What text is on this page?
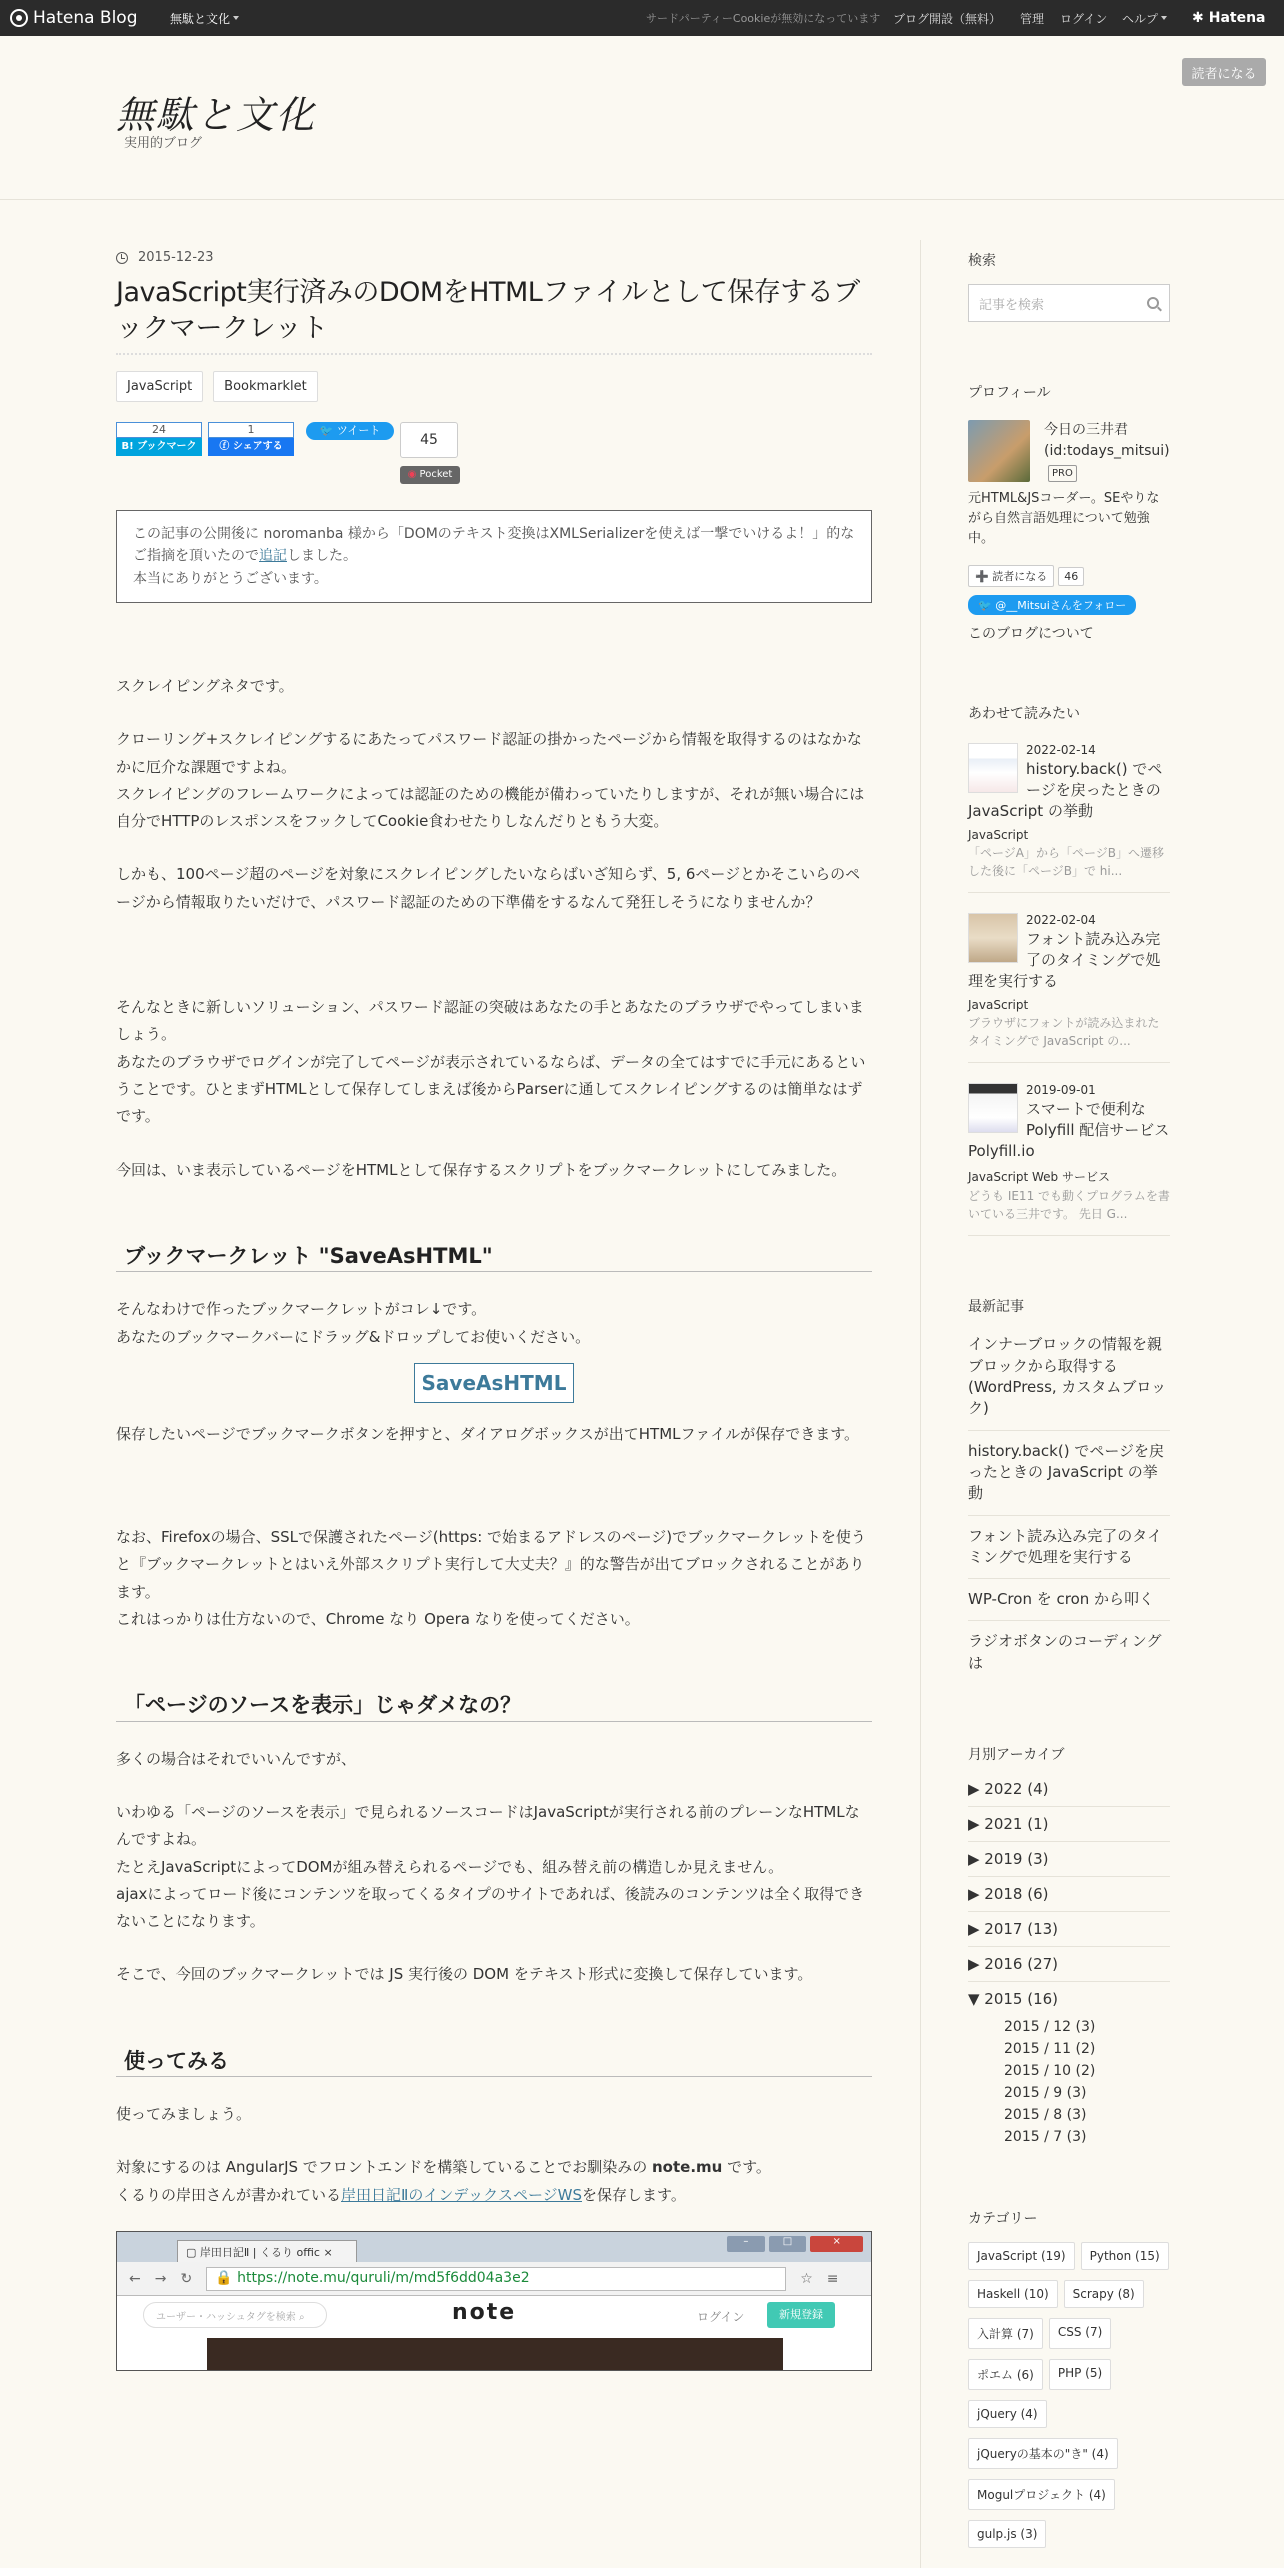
Hatena Blog	無駄と文化	サードパーティーCookieが無効になっています ブログ開設（無料） 管理 ログイン ヘルプ ✱ Hatena
読者になる
無駄と文化
実用的ブログ
2015-12-23
JavaScript実行済みのDOMをHTMLファイルとして保存するブックマークレット
JavaScript	Bookmarklet
24
B! ブックマーク
1
ⓕ シェアする
🐦 ツイート
45
◉ Pocket
この記事の公開後に noromanba 様から「DOMのテキスト変換はXMLSerializerを使えば一撃でいけるよ！」的なご指摘を頂いたので追記しました。
本当にありがとうございます。

スクレイピングネタです。

クローリング+スクレイピングするにあたってパスワード認証の掛かったページから情報を取得するのはなかなかに厄介な課題ですよね。

スクレイピングのフレームワークによっては認証のための機能が備わっていたりしますが、それが無い場合には自分でHTTPのレスポンスをフックしてCookie食わせたりしなんだりともう大変。

しかも、100ページ超のページを対象にスクレイピングしたいならばいざ知らず、5, 6ページとかそこいらのページから情報取りたいだけで、パスワード認証のための下準備をするなんて発狂しそうになりませんか？

そんなときに新しいソリューション、パスワード認証の突破はあなたの手とあなたのブラウザでやってしまいましょう。

あなたのブラウザでログインが完了してページが表示されているならば、データの全てはすでに手元にあるということです。ひとまずHTMLとして保存してしまえば後からParserに通してスクレイピングするのは簡単なはずです。

今回は、いま表示しているページをHTMLとして保存するスクリプトをブックマークレットにしてみました。

ブックマークレット "SaveAsHTML"

そんなわけで作ったブックマークレットがコレ↓です。

あなたのブックマークバーにドラッグ&ドロップしてお使いください。

SaveAsHTML

保存したいページでブックマークボタンを押すと、ダイアログボックスが出てHTMLファイルが保存できます。

なお、Firefoxの場合、SSLで保護されたページ(https: で始まるアドレスのページ)でブックマークレットを使うと『ブックマークレットとはいえ外部スクリプト実行して大丈夫？』的な警告が出てブロックされることがあります。

これはっかりは仕方ないので、Chrome なり Opera なりを使ってください。

「ページのソースを表示」じゃダメなの？

多くの場合はそれでいいんですが、

いわゆる「ページのソースを表示」で見られるソースコードはJavaScriptが実行される前のプレーンなHTMLなんですよね。

たとえJavaScriptによってDOMが組み替えられるページでも、組み替え前の構造しか見えません。

ajaxによってロード後にコンテンツを取ってくるタイプのサイトであれば、後読みのコンテンツは全く取得できないことになります。

そこで、今回のブックマークレットでは JS 実行後の DOM をテキスト形式に変換して保存しています。

使ってみる

使ってみましょう。

対象にするのは AngularJS でフロントエンドを構築していることでお馴染みの note.mu です。

くるりの岸田さんが書かれている岸田日記ⅡのインデックスページWSを保存します。

▢ 岸田日記Ⅱ | くるり offic ×
–	□	×
← → ↻	🔒 https://note.mu/quruli/m/md5f6dd04a3e2	☆ ≡
ユーザー・ハッシュタグを検索 ⌕	note	ログイン	新規登録
検索
記事を検索
プロフィール
今日の三井君 (id:todays_mitsui)PRO
元HTML&JSコーダー。SEやりながら自然言語処理について勉強中。
➕ 読者になる	46
🐦 @__Mitsuiさんをフォロー
このブログについて
あわせて読みたい
2022-02-14
history.back() でページを戻ったときの JavaScript の挙動
JavaScript
「ページA」から「ページB」へ遷移した後に「ページB」で hi...
2022-02-04
フォント読み込み完了のタイミングで処理を実行する
JavaScript
ブラウザにフォントが読み込まれたタイミングで JavaScript の...
2019-09-01
スマートで便利な Polyfill 配信サービス Polyfill.io
JavaScript Web サービス
どうも IE11 でも動くプログラムを書いている三井です。 先日 G...
最新記事
インナーブロックの情報を親ブロックから取得する (WordPress, カスタムブロック)
history.back() でページを戻ったときの JavaScript の挙動
フォント読み込み完了のタイミングで処理を実行する
WP-Cron を cron から叩く
ラジオボタンのコーディングは
月別アーカイブ
▶ 2022 (4)
▶ 2021 (1)
▶ 2019 (3)
▶ 2018 (6)
▶ 2017 (13)
▶ 2016 (27)
▼ 2015 (16)
2015 / 12 (3)
2015 / 11 (2)
2015 / 10 (2)
2015 / 9 (3)
2015 / 8 (3)
2015 / 7 (3)
カテゴリー
JavaScript (19)	Python (15)
Haskell (10)	Scrapy (8)
入計算 (7)	CSS (7)
ポエム (6)	PHP (5)
jQuery (4)
jQueryの基本の"き" (4)
Mogulプロジェクト (4)
gulp.js (3)
